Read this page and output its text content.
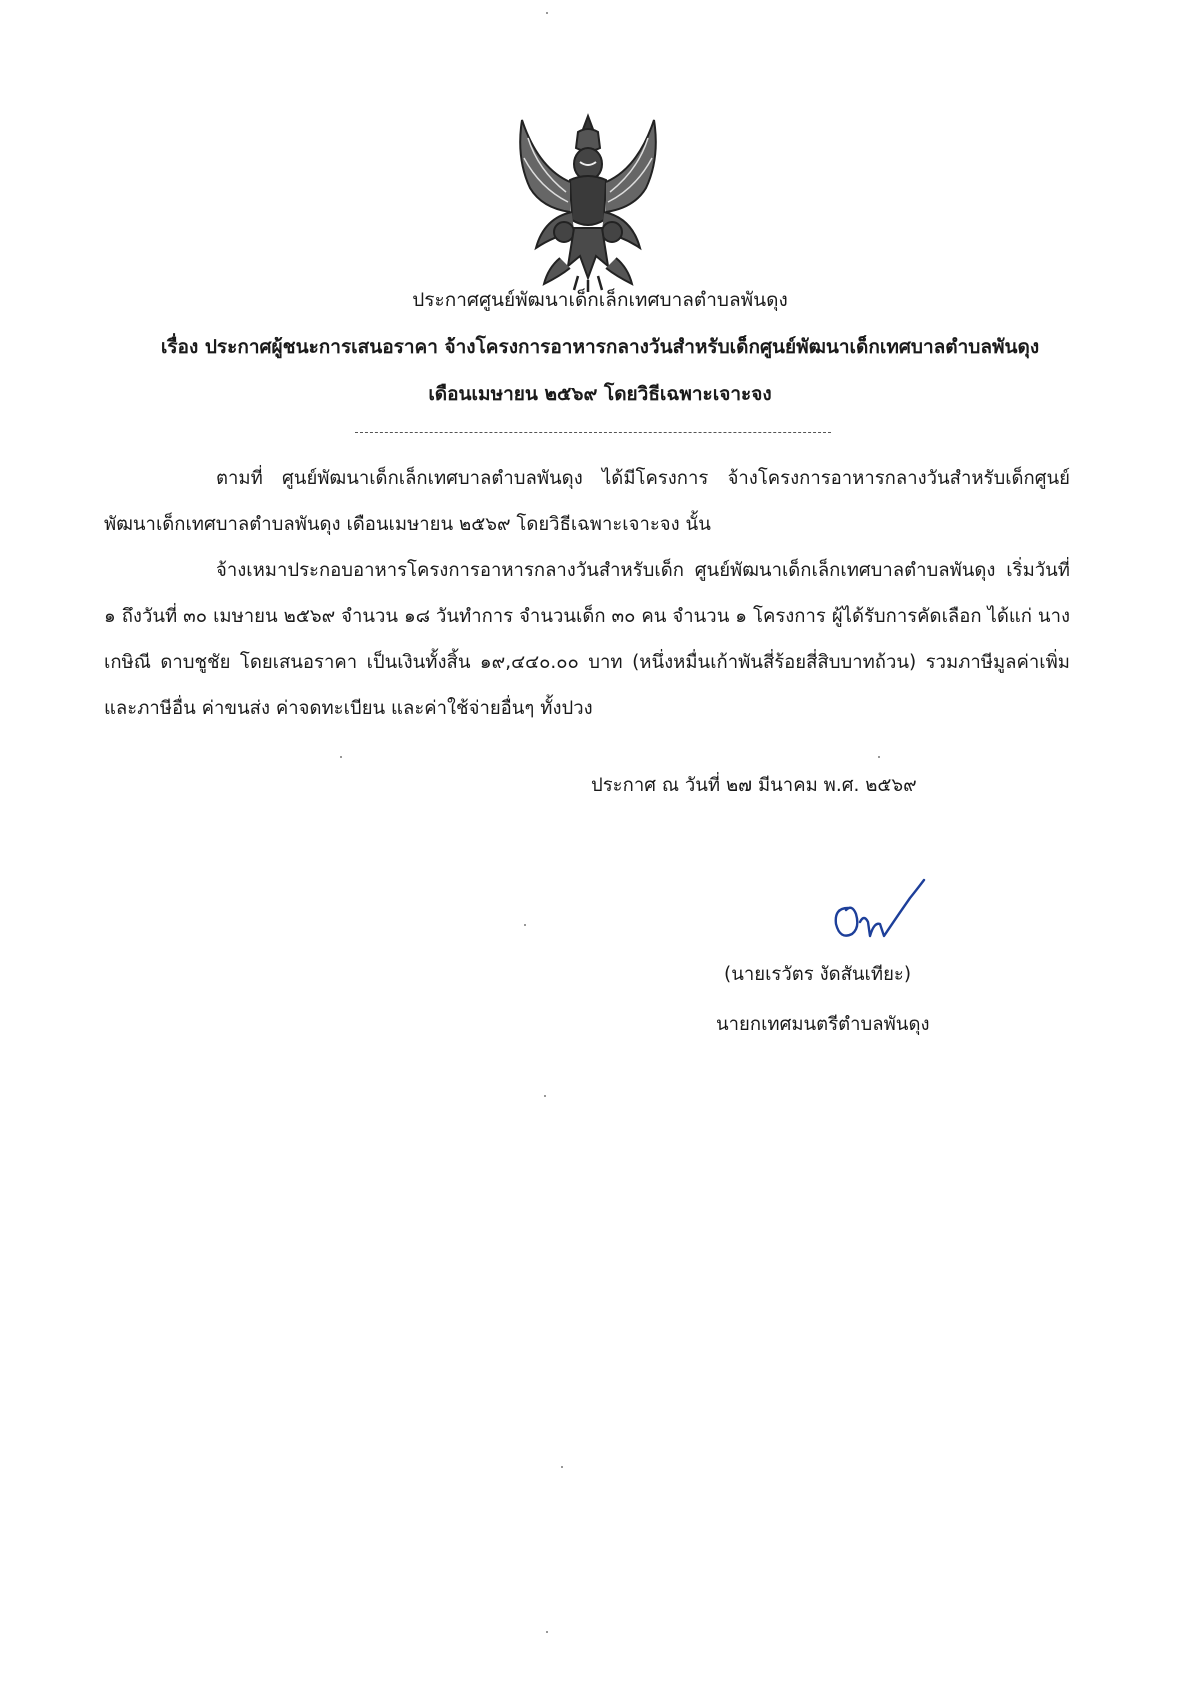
ประกาศศูนย์พัฒนาเด็กเล็กเทศบาลตำบลพันดุง
เรื่อง ประกาศผู้ชนะการเสนอราคา จ้างโครงการอาหารกลางวันสำหรับเด็กศูนย์พัฒนาเด็กเทศบาลตำบลพันดุง
เดือนเมษายน ๒๕๖๙ โดยวิธีเฉพาะเจาะจง
ตามที่ ศูนย์พัฒนาเด็กเล็กเทศบาลตำบลพันดุง ได้มีโครงการ จ้างโครงการอาหารกลางวันสำหรับเด็กศูนย์พัฒนาเด็กเทศบาลตำบลพันดุง เดือนเมษายน ๒๕๖๙ โดยวิธีเฉพาะเจาะจง นั้น
จ้างเหมาประกอบอาหารโครงการอาหารกลางวันสำหรับเด็ก ศูนย์พัฒนาเด็กเล็กเทศบาลตำบลพันดุง เริ่มวันที่ ๑ ถึงวันที่ ๓๐ เมษายน ๒๕๖๙ จำนวน ๑๘ วันทำการ จำนวนเด็ก ๓๐ คน จำนวน ๑ โครงการ ผู้ได้รับการคัดเลือก ได้แก่ นางเกษิณี ดาบชูชัย โดยเสนอราคา เป็นเงินทั้งสิ้น ๑๙,๔๔๐.๐๐ บาท (หนึ่งหมื่นเก้าพันสี่ร้อยสี่สิบบาทถ้วน) รวมภาษีมูลค่าเพิ่มและภาษีอื่น ค่าขนส่ง ค่าจดทะเบียน และค่าใช้จ่ายอื่นๆ ทั้งปวง
ประกาศ ณ วันที่ ๒๗ มีนาคม พ.ศ. ๒๕๖๙
(นายเรวัตร งัดสันเทียะ)
นายกเทศมนตรีตำบลพันดุง
